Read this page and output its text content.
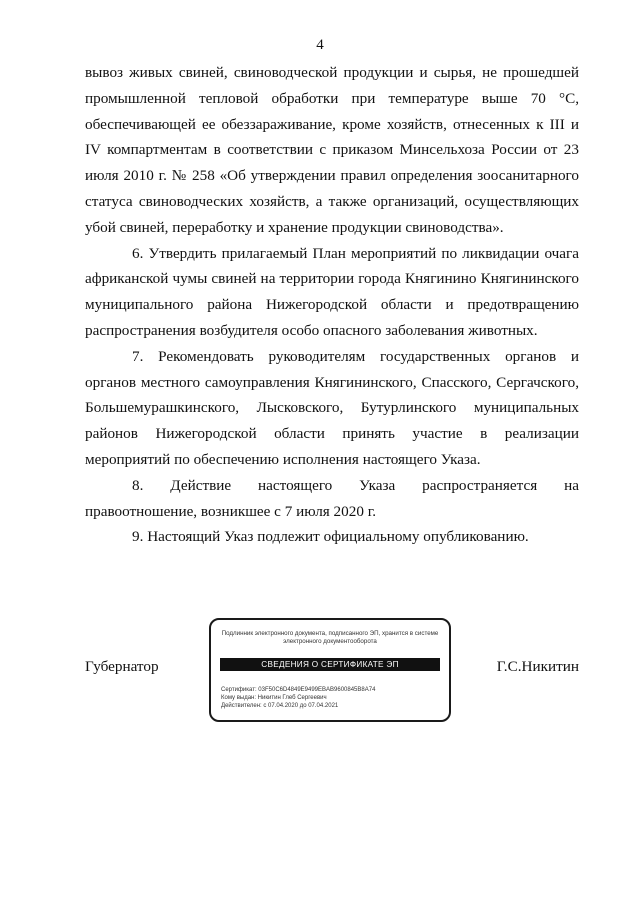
4

вывоз живых свиней, свиноводческой продукции и сырья, не прошедшей промышленной тепловой обработки при температуре выше 70 °С, обеспечивающей ее обеззараживание, кроме хозяйств, отнесенных к III и IV компартментам в соответствии с приказом Минсельхоза России от 23 июля 2010 г. № 258 «Об утверждении правил определения зоосанитарного статуса свиноводческих хозяйств, а также организаций, осуществляющих убой свиней, переработку и хранение продукции свиноводства».

6. Утвердить прилагаемый План мероприятий по ликвидации очага африканской чумы свиней на территории города Княгинино Княгининского муниципального района Нижегородской области и предотвращению распространения возбудителя особо опасного заболевания животных.

7. Рекомендовать руководителям государственных органов и органов местного самоуправления Княгининского, Спасского, Сергачского, Большемурашкинского, Лысковского, Бутурлинского муниципальных районов Нижегородской области принять участие в реализации мероприятий по обеспечению исполнения настоящего Указа.

8. Действие настоящего Указа распространяется на правоотношение, возникшее с 7 июля 2020 г.

9. Настоящий Указ подлежит официальному опубликованию.

Губернатор	Г.С.Никитин
Подлинник электронного документа, подписанного ЭП, хранится в системе электронного документооборота
СВЕДЕНИЯ О СЕРТИФИКАТЕ ЭП
Сертификат: 03F50C6D4849E9499EBAB9600845B8A74
Кому выдан: Никитин Глеб Сергеевич
Действителен: с 07.04.2020 до 07.04.2021
